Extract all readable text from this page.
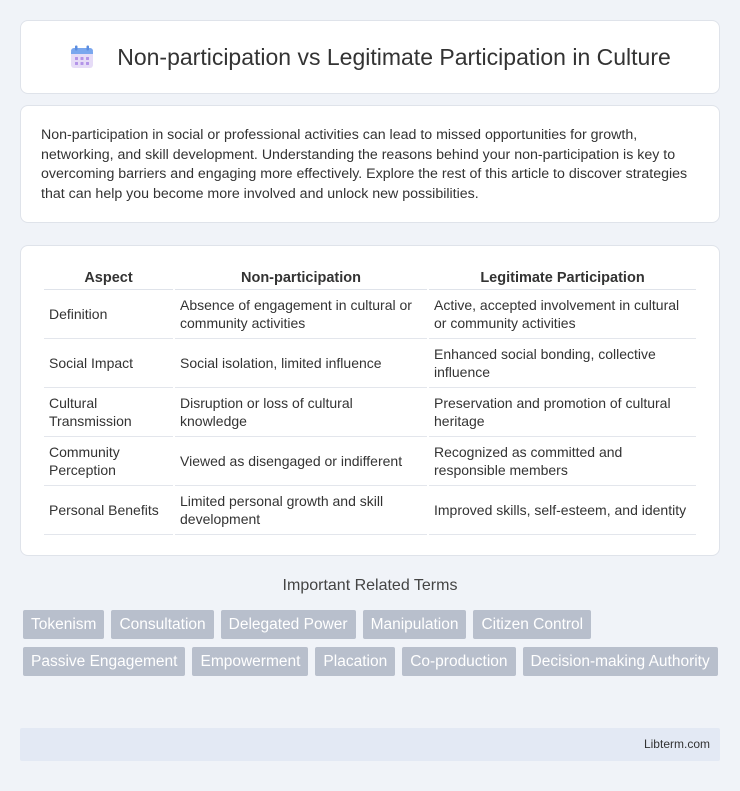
Non-participation vs Legitimate Participation in Culture

Non-participation in social or professional activities can lead to missed opportunities for growth, networking, and skill development. Understanding the reasons behind your non-participation is key to overcoming barriers and engaging more effectively. Explore the rest of this article to discover strategies that can help you become more involved and unlock new possibilities.

Aspect	Non-participation	Legitimate Participation
Definition	Absence of engagement in cultural or community activities	Active, accepted involvement in cultural or community activities
Social Impact	Social isolation, limited influence	Enhanced social bonding, collective influence
Cultural Transmission	Disruption or loss of cultural knowledge	Preservation and promotion of cultural heritage
Community Perception	Viewed as disengaged or indifferent	Recognized as committed and responsible members
Personal Benefits	Limited personal growth and skill development	Improved skills, self-esteem, and identity
Important Related Terms
Tokenism	Consultation	Delegated Power	Manipulation	Citizen Control
Passive Engagement	Empowerment	Placation	Co-production	Decision-making Authority
Libterm.com
